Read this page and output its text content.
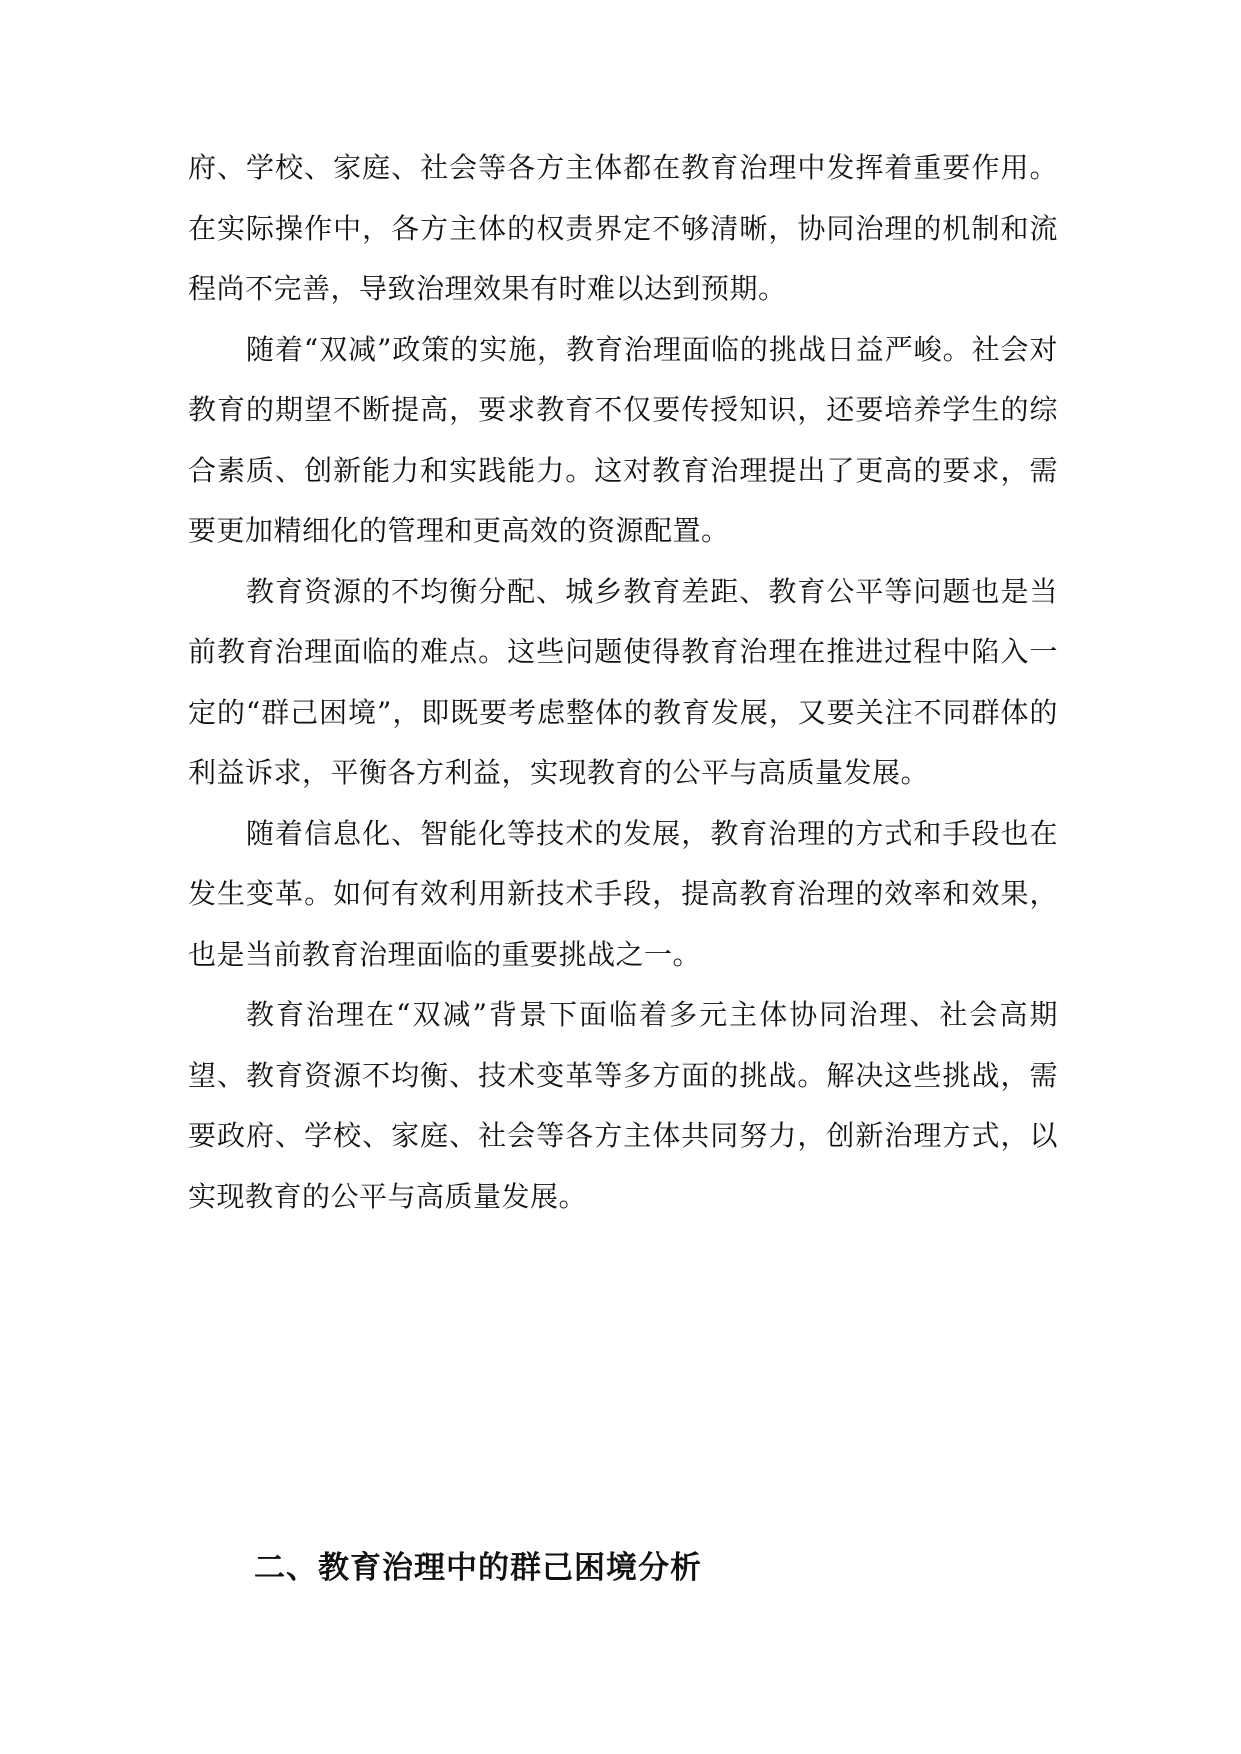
府、学校、家庭、社会等各方主体都在教育治理中发挥着重要作用。在实际操作中，各方主体的权责界定不够清晰，协同治理的机制和流程尚不完善，导致治理效果有时难以达到预期。

随着“双减”政策的实施，教育治理面临的挑战日益严峻。社会对教育的期望不断提高，要求教育不仅要传授知识，还要培养学生的综合素质、创新能力和实践能力。这对教育治理提出了更高的要求，需要更加精细化的管理和更高效的资源配置。

教育资源的不均衡分配、城乡教育差距、教育公平等问题也是当前教育治理面临的难点。这些问题使得教育治理在推进过程中陷入一定的“群己困境”，即既要考虑整体的教育发展，又要关注不同群体的利益诉求，平衡各方利益，实现教育的公平与高质量发展。

随着信息化、智能化等技术的发展，教育治理的方式和手段也在发生变革。如何有效利用新技术手段，提高教育治理的效率和效果，也是当前教育治理面临的重要挑战之一。

教育治理在“双减”背景下面临着多元主体协同治理、社会高期望、教育资源不均衡、技术变革等多方面的挑战。解决这些挑战，需要政府、学校、家庭、社会等各方主体共同努力，创新治理方式，以实现教育的公平与高质量发展。

二、教育治理中的群己困境分析
